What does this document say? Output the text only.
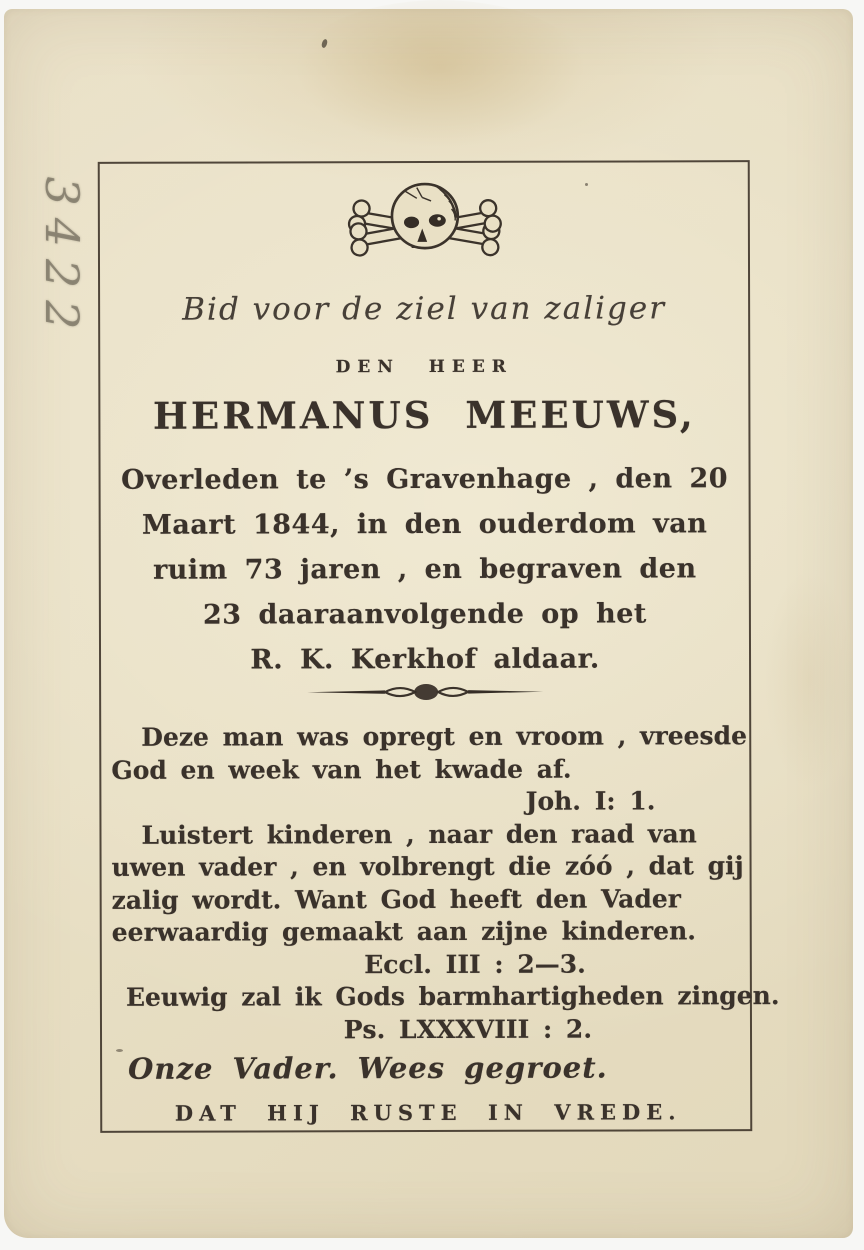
3422	Bid voor de ziel van zaliger
DEN HEER
HERMANUS MEEUWS,
Overleden te ’s Gravenhage , den 20
Maart 1844, in den ouderdom van
ruim 73 jaren , en begraven den
23 daaraanvolgende op het
R. K. Kerkhof aldaar.
Deze man was opregt en vroom , vreesde
God en week van het kwade af.
Joh. I: 1.
Luistert kinderen , naar den raad van
uwen vader , en volbrengt die zóó , dat gij
zalig wordt. Want God heeft den Vader
eerwaardig gemaakt aan zijne kinderen.
Eccl. III : 2—3.
Eeuwig zal ik Gods barmhartigheden zingen.
Ps. LXXXVIII : 2.
Onze Vader. Wees gegroet.
DAT HIJ RUSTE IN VREDE.
